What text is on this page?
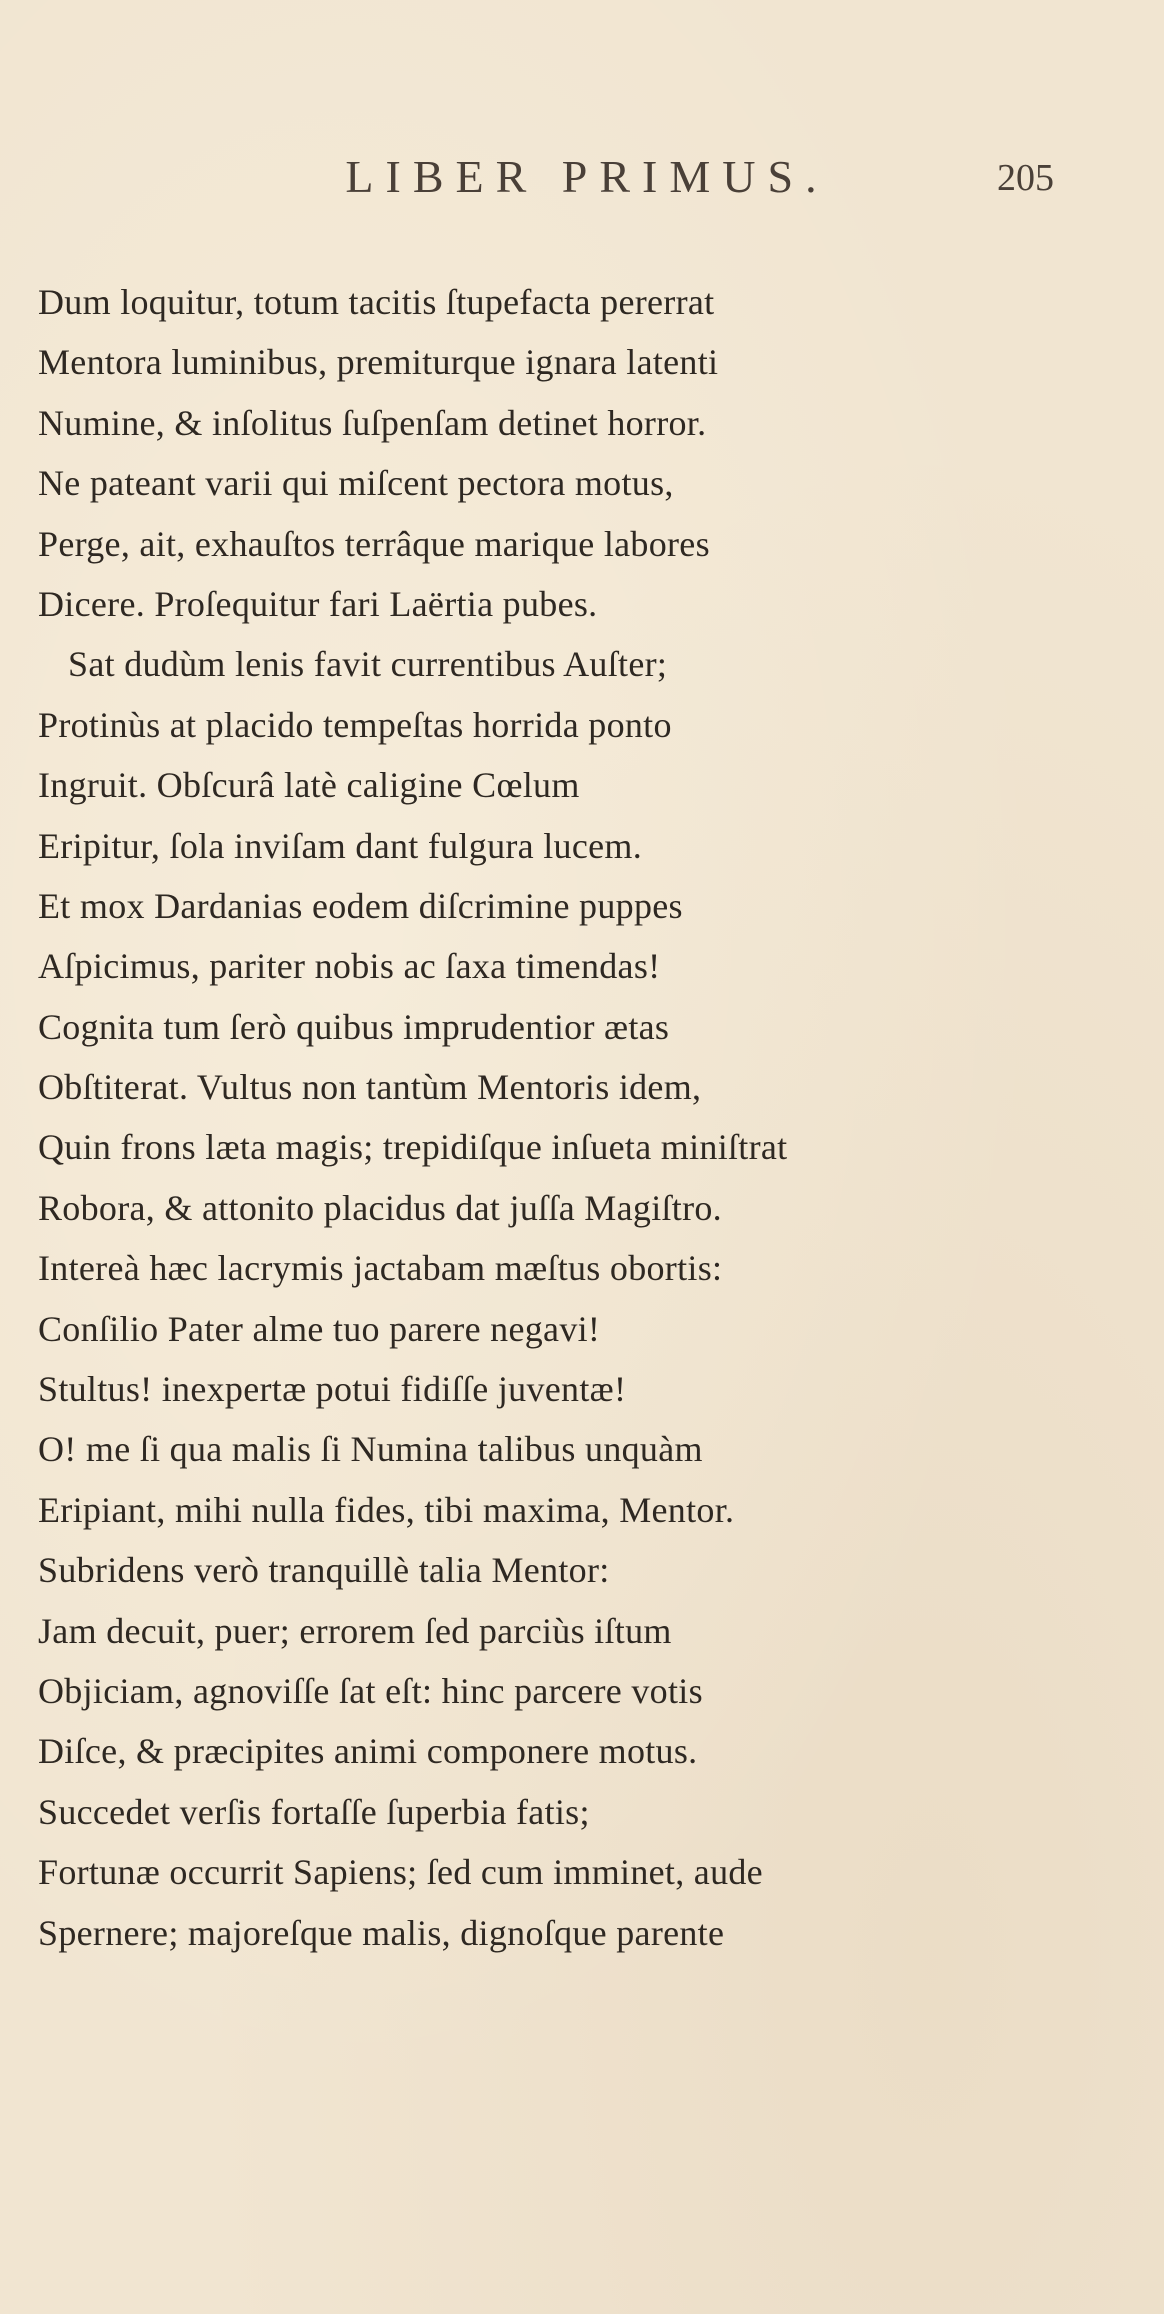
LIBER PRIMUS.	205
Dum loquitur, totum tacitis ſtupefacta pererrat
Mentora luminibus, premiturque ignara latenti
Numine, & inſolitus ſuſpenſam detinet horror.
Ne pateant varii qui miſcent pectora motus,
Perge, ait, exhauſtos terrâque marique labores
Dicere. Proſequitur fari Laërtia pubes.
Sat dudùm lenis favit currentibus Auſter;
Protinùs at placido tempeſtas horrida ponto
Ingruit. Obſcurâ latè caligine Cœlum
Eripitur, ſola inviſam dant fulgura lucem.
Et mox Dardanias eodem diſcrimine puppes
Aſpicimus, pariter nobis ac ſaxa timendas!
Cognita tum ſerò quibus imprudentior ætas
Obſtiterat. Vultus non tantùm Mentoris idem,
Quin frons læta magis; trepidiſque inſueta miniſtrat
Robora, & attonito placidus dat juſſa Magiſtro.
Intereà hæc lacrymis jactabam mæſtus obortis:
Conſilio Pater alme tuo parere negavi!
Stultus! inexpertæ potui fidiſſe juventæ!
O! me ſi qua malis ſi Numina talibus unquàm
Eripiant, mihi nulla fides, tibi maxima, Mentor.
Subridens verò tranquillè talia Mentor:
Jam decuit, puer; errorem ſed parciùs iſtum
Objiciam, agnoviſſe ſat eſt: hinc parcere votis
Diſce, & præcipites animi componere motus.
Succedet verſis fortaſſe ſuperbia fatis;
Fortunæ occurrit Sapiens; ſed cum imminet, aude
Spernere; majoreſque malis, dignoſque parente
